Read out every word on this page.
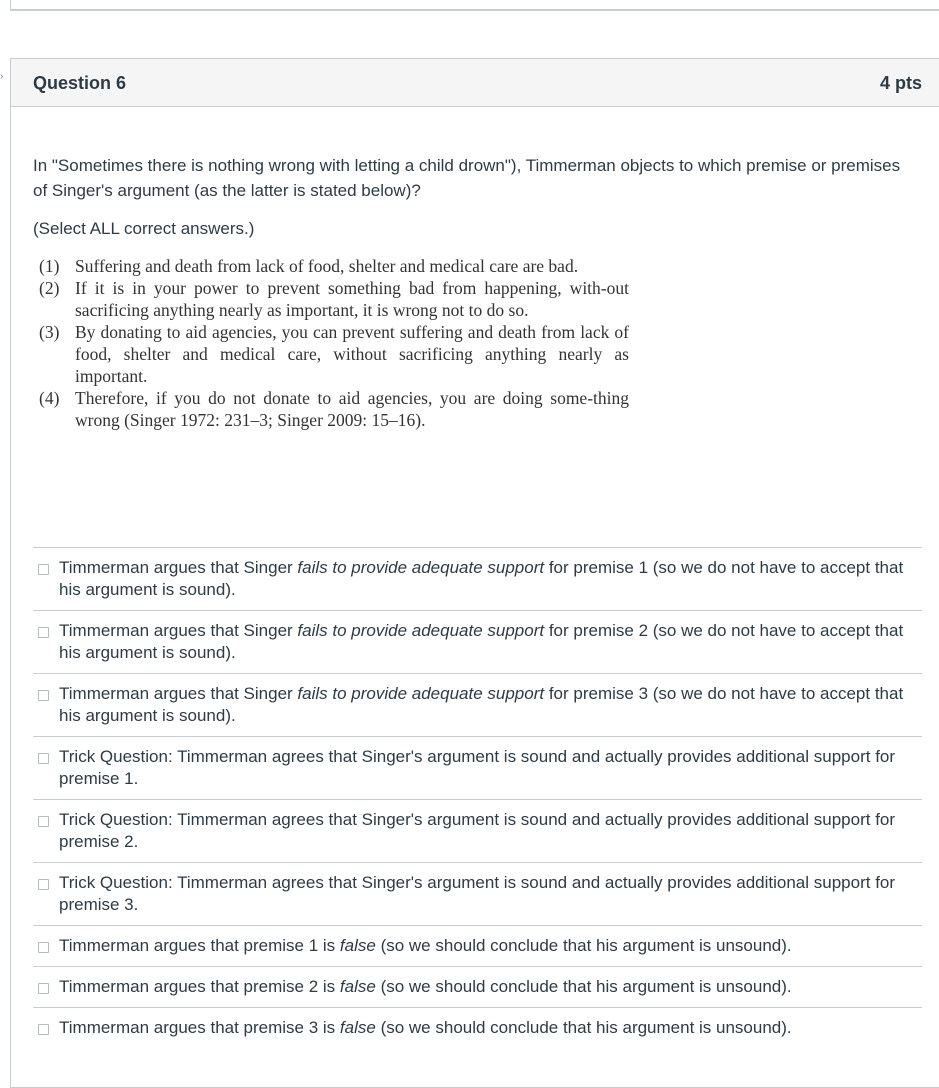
› Question 6	4 pts

In "Sometimes there is nothing wrong with letting a child drown"), Timmerman objects to which premise or premises of Singer's argument (as the latter is stated below)?

(Select ALL correct answers.)

(1) Suffering and death from lack of food, shelter and medical care are bad.
(2) If it is in your power to prevent something bad from happening, with-out sacrificing anything nearly as important, it is wrong not to do so.
(3) By donating to aid agencies, you can prevent suffering and death from lack of food, shelter and medical care, without sacrificing anything nearly as important.
(4) Therefore, if you do not donate to aid agencies, you are doing some-thing wrong (Singer 1972: 231–3; Singer 2009: 15–16).
Timmerman argues that Singer fails to provide adequate support for premise 1 (so we do not have to accept that his argument is sound).
Timmerman argues that Singer fails to provide adequate support for premise 2 (so we do not have to accept that his argument is sound).
Timmerman argues that Singer fails to provide adequate support for premise 3 (so we do not have to accept that his argument is sound).
Trick Question: Timmerman agrees that Singer's argument is sound and actually provides additional support for premise 1.
Trick Question: Timmerman agrees that Singer's argument is sound and actually provides additional support for premise 2.
Trick Question: Timmerman agrees that Singer's argument is sound and actually provides additional support for premise 3.
Timmerman argues that premise 1 is false (so we should conclude that his argument is unsound).
Timmerman argues that premise 2 is false (so we should conclude that his argument is unsound).
Timmerman argues that premise 3 is false (so we should conclude that his argument is unsound).
